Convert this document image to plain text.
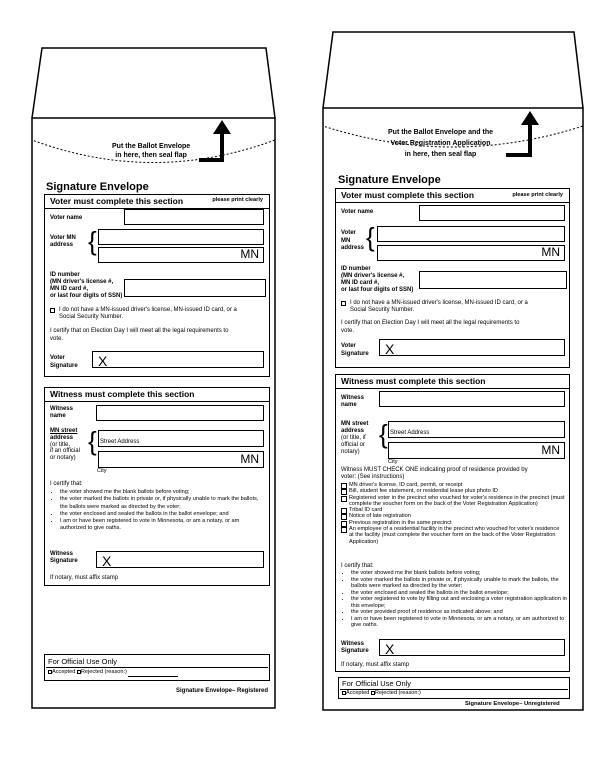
Put the Ballot Envelope
in here, then seal flap
Signature Envelope
Voter must complete this section	please print clearly
Voter name
Voter MN
address {	MN
ID number
(MN driver's license #,
MN ID card #,
or last four digits of SSN)
I do not have a MN-issued driver's license, MN-issued ID card, or a
Social Security Number.
I certify that on Election Day I will meet all the legal requirements to
vote.
Voter
Signature X
Witness must complete this section
Witness
name
MN street
address
(or title,
if an official
or notary)
{ Street Address
MN
City
I certify that:
• the voter showed me the blank ballots before voting;
• the voter marked the ballots in private or, if physically unable to mark the ballots,
the ballots were marked as directed by the voter;
• the voter enclosed and sealed the ballots in the ballot envelope; and
• I am or have been registered to vote in Minnesota, or am a notary, or am
authorized to give oaths.
Witness
Signature X
If notary, must affix stamp
For Official Use Only
Accepted Rejected (reason:)
Signature Envelope– Registered
Put the Ballot Envelope and the
Voter Registration Application
in here, then seal flap
Signature Envelope
Voter must complete this section	please print clearly
Voter name
Voter
MN
address {	MN
ID number
(MN driver's license #,
MN ID card #,
or last four digits of SSN)
I do not have a MN-issued driver's license, MN-issued ID card, or a
Social Security Number.
I certify that on Election Day I will meet all the legal requirements to
vote.
Voter
Signature X
Witness must complete this section
Witness
name
MN street
address
(or title, if
official or
notary)
{ Street Address
MN
City
Witness MUST CHECK ONE indicating proof of residence provided by
voter: (See instructions)
MN driver's license, ID card, permit, or receipt
Bill, student fee statement, or residential lease plus photo ID
Registered voter in the precinct who vouched for voter's residence in the precinct (must complete the voucher form on the back of the Voter Registration Application)
Tribal ID card
Notice of late registration
Previous registration in the same precinct
An employee of a residential facility in the precinct who vouched for voter's residence at the facility (must complete the voucher form on the back of the Voter Registration Application)
I certify that:
• the voter showed me the blank ballots before voting;
• the voter marked the ballots in private or, if physically unable to mark the ballots, the ballots were marked as directed by the voter;
• the voter enclosed and sealed the ballots in the ballot envelope;
• the voter registered to vote by filling out and enclosing a voter registration application in this envelope;
• the voter provided proof of residence as indicated above; and
• I am or have been registered to vote in Minnesota, or am a notary, or am authorized to give oaths.
Witness
Signature X
If notary, must affix stamp
For Official Use Only
Accepted Rejected (reason:)
Signature Envelope– Unregistered
